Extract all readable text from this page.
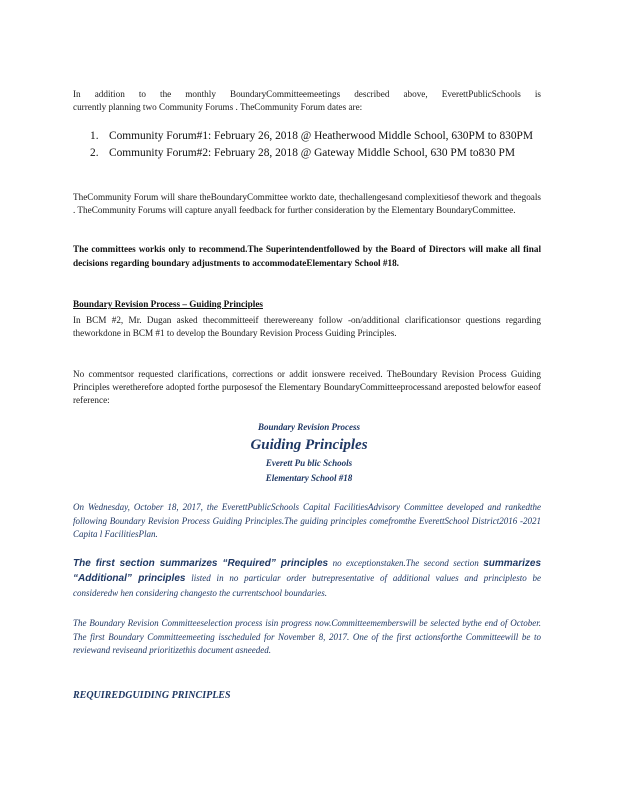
In addition to the monthly BoundaryCommitteemeetings described above, EverettPublicSchools is
currently planning two Community Forums . TheCommunity Forum dates are:

1. Community Forum#1: February 26, 2018 @ Heatherwood Middle School, 630PM to 830PM
2. Community Forum#2: February 28, 2018 @ Gateway Middle School, 630 PM to830 PM

TheCommunity Forum will share theBoundaryCommittee workto date, thechallengesand complexitiesof thework and thegoals . TheCommunity Forums will capture anyall feedback for further consideration by the Elementary BoundaryCommittee.

The committees workis only to recommend.The Superintendentfollowed by the Board of Directors will make all final decisions regarding boundary adjustments to accommodateElementary School #18.

Boundary Revision Process – Guiding Principles

In BCM #2, Mr. Dugan asked thecommitteeif therewereany follow -on/additional clarificationsor questions regarding theworkdone in BCM #1 to develop the Boundary Revision Process Guiding Principles.

No commentsor requested clarifications, corrections or addit ionswere received. TheBoundary Revision Process Guiding Principles weretherefore adopted forthe purposesof the Elementary BoundaryCommitteeprocessand areposted belowfor easeof reference:

Boundary Revision Process
Guiding Principles
Everett Pu blic Schools
Elementary School #18

On Wednesday, October 18, 2017, the EverettPublicSchools Capital FacilitiesAdvisory Committee developed and rankedthe following Boundary Revision Process Guiding Principles.The guiding principles comefromthe EverettSchool District2016 -2021 Capita l FacilitiesPlan.

The first section summarizes “Required” principles no exceptionstaken.The second section summarizes “Additional” principles listed in no particular order butrepresentative of additional values and principlesto be consideredw hen considering changesto the currentschool boundaries.

The Boundary Revision Committeeselection process isin progress now.Committeememberswill be selected bythe end of October. The first Boundary Committeemeeting isscheduled for November 8, 2017. One of the first actionsforthe Committeewill be to reviewand reviseand prioritizethis document asneeded.

REQUIREDGUIDING PRINCIPLES
